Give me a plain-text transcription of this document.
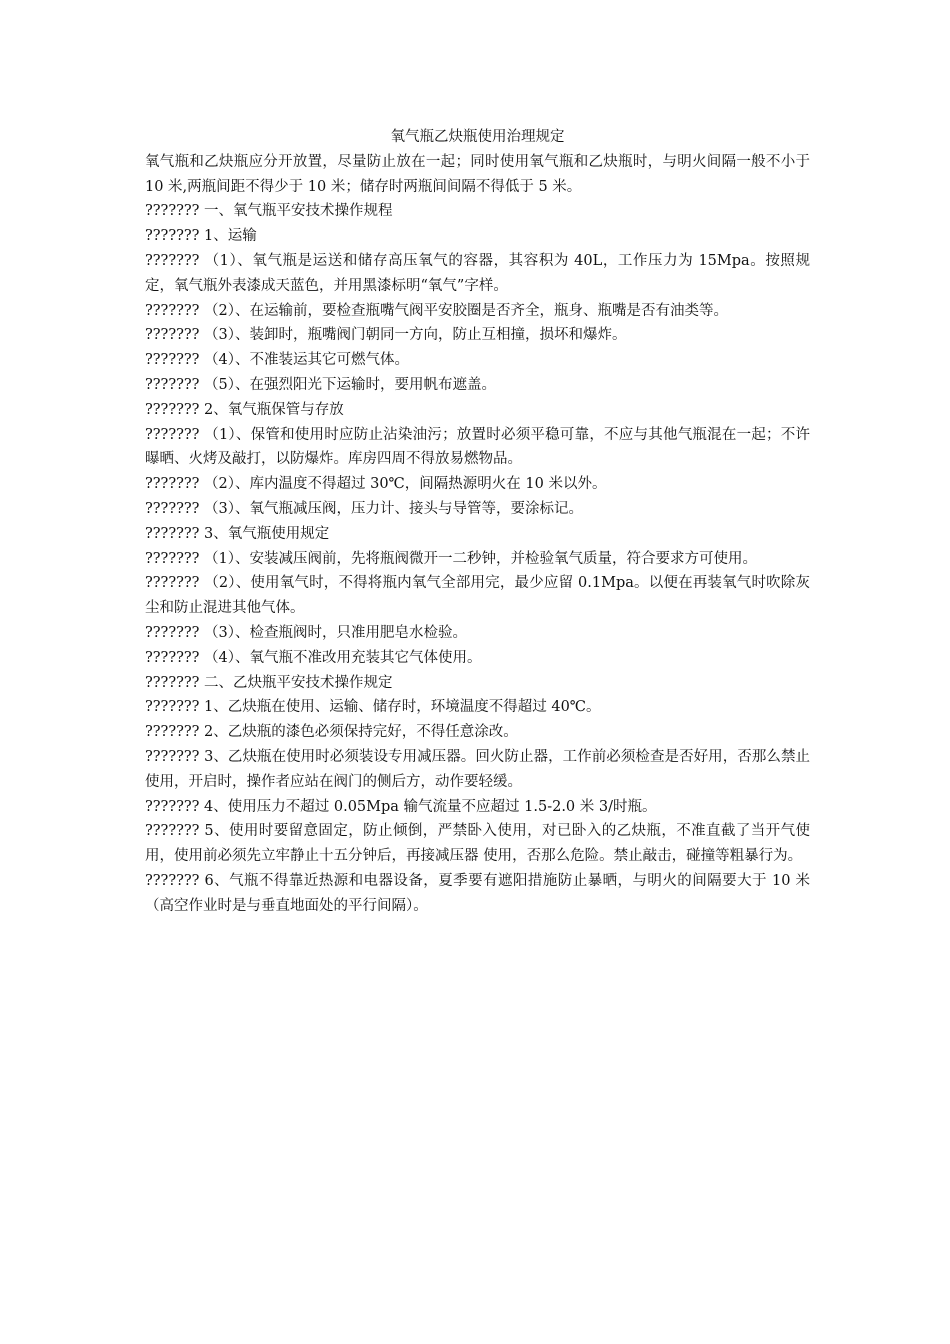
氧气瓶乙炔瓶使用治理规定

氧气瓶和乙炔瓶应分开放置，尽量防止放在一起；同时使用氧气瓶和乙炔瓶时，与明火间隔一般不小于 10 米,两瓶间距不得少于 10 米；储存时两瓶间间隔不得低于 5 米。

??????? 一、氧气瓶平安技术操作规程

??????? 1、运输

??????? （1）、氧气瓶是运送和储存高压氧气的容器，其容积为 40L，工作压力为 15Mpa。按照规定，氧气瓶外表漆成天蓝色，并用黑漆标明“氧气”字样。

??????? （2）、在运输前，要检查瓶嘴气阀平安胶圈是否齐全，瓶身、瓶嘴是否有油类等。

??????? （3）、装卸时，瓶嘴阀门朝同一方向，防止互相撞，损坏和爆炸。

??????? （4）、不准装运其它可燃气体。

??????? （5）、在强烈阳光下运输时，要用帆布遮盖。

??????? 2、氧气瓶保管与存放

??????? （1）、保管和使用时应防止沾染油污；放置时必须平稳可靠，不应与其他气瓶混在一起；不许曝晒、火烤及敲打，以防爆炸。库房四周不得放易燃物品。

??????? （2）、库内温度不得超过 30℃，间隔热源明火在 10 米以外。

??????? （3）、氧气瓶减压阀，压力计、接头与导管等，要涂标记。

??????? 3、氧气瓶使用规定

??????? （1）、安装减压阀前，先将瓶阀微开一二秒钟，并检验氧气质量，符合要求方可使用。

??????? （2）、使用氧气时，不得将瓶内氧气全部用完，最少应留 0.1Mpa。以便在再装氧气时吹除灰尘和防止混进其他气体。

??????? （3）、检查瓶阀时，只准用肥皂水检验。

??????? （4）、氧气瓶不准改用充装其它气体使用。

??????? 二、乙炔瓶平安技术操作规定

??????? 1、乙炔瓶在使用、运输、储存时，环境温度不得超过 40℃。

??????? 2、乙炔瓶的漆色必须保持完好，不得任意涂改。

??????? 3、乙炔瓶在使用时必须装设专用减压器。回火防止器，工作前必须检查是否好用，否那么禁止使用，开启时，操作者应站在阀门的侧后方，动作要轻缓。

??????? 4、使用压力不超过 0.05Mpa 输气流量不应超过 1.5-2.0 米 3/时瓶。

??????? 5、使用时要留意固定，防止倾倒，严禁卧入使用，对已卧入的乙炔瓶，不准直截了当开气使用，使用前必须先立牢静止十五分钟后，再接减压器 使用，否那么危险。禁止敲击，碰撞等粗暴行为。

??????? 6、气瓶不得靠近热源和电器设备，夏季要有遮阳措施防止暴晒，与明火的间隔要大于 10 米（高空作业时是与垂直地面处的平行间隔）。
